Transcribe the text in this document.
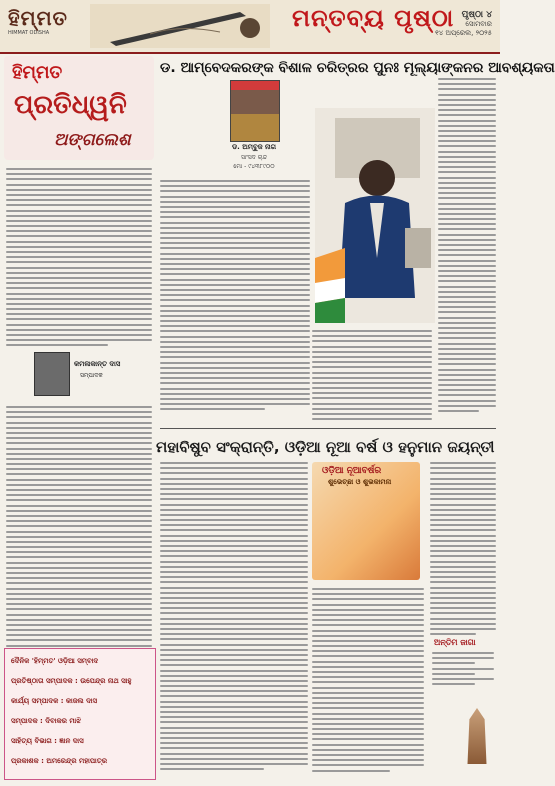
ହିମ୍ମତ
HIMMAT ODISHA
ମନ୍ତବ୍ୟ ପୃଷ୍ଠା ପୃଷ୍ଠା ୪
ସୋମବାର
୧୪ ଅପ୍ରେଲ, ୨୦୨୫
ହିମ୍ମତ
ପ୍ରତିଧ୍ୱନି
ଅଙ୍ଗଲେଶ
କମଳାକାନ୍ତ ଦାସ
ସମ୍ପାଦକ
ଡ. ଆମ୍ବେଦକରଙ୍କ ବିଶାଳ ଚରିତ୍ରର ପୁନଃ ମୂଲ୍ୟାଙ୍କନର ଆବଶ୍ୟକତା
ଡ. ଅମ୍ବୁଜ ନାଗ
ସାଂସଦ ଚାନ୍ଦ
ମୋ - ୯୪୩୮୯୦୦
ମହାବିଷୁବ ସଂକ୍ରାନ୍ତି, ଓଡ଼ିଆ ନୂଆ ବର୍ଷ ଓ ହନୁମାନ ଜୟନ୍ତୀ
ଓଡ଼ିଆ ନୂଆବର୍ଷର
ଶୁଭେଚ୍ଛା ଓ ଶୁଭକାମନା
ଅନ୍ତିମ ଜାଗା
ଦୈନିକ 'ହିମ୍ମତ' ଓଡ଼ିଆ ସମ୍ବାଦ
ପ୍ରତିଷ୍ଠାତା ସମ୍ପାଦକ : ଉପେନ୍ଦ୍ର ନାଥ ସାହୁ
କାର୍ଯ୍ୟ ସମ୍ପାଦକ : କାଜଲ ଦାସ
ସମ୍ପାଦକ : ଦିବାକର ମାଝି
ସାହିତ୍ୟ ବିଭାଗ : ଜ୍ଞାନ ଦାସ
ପ୍ରକାଶକ : ଅମରେନ୍ଦ୍ର ମହାପାତ୍ର
